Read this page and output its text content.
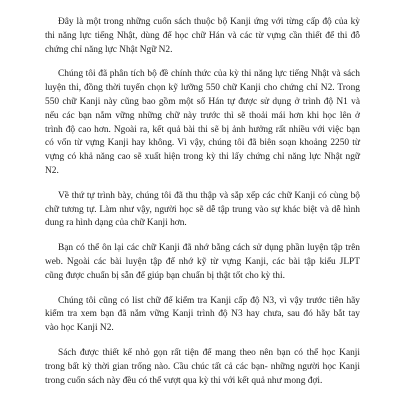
Đây là một trong những cuốn sách thuộc bộ Kanji ứng với từng cấp độ của kỳ
thi năng lực tiếng Nhật, dùng để học chữ Hán và các từ vựng cần thiết để thi đỗ
chứng chỉ năng lực Nhật Ngữ N2.
Chúng tôi đã phân tích bộ đề chính thức của kỳ thi năng lực tiếng Nhật và sách
luyện thi, đồng thời tuyển chọn kỹ lưỡng 550 chữ Kanji cho chứng chỉ N2. Trong
550 chữ Kanji này cũng bao gồm một số Hán tự được sử dụng ở trình độ N1 và
nếu các bạn nắm vững những chữ này trước thì sẽ thoải mái hơn khi học lên ở
trình độ cao hơn. Ngoài ra, kết quả bài thi sẽ bị ảnh hưởng rất nhiều với việc bạn
có vốn từ vựng Kanji hay không. Vì vậy, chúng tôi đã biên soạn khoảng 2250 từ
vựng có khả năng cao sẽ xuất hiện trong kỳ thi lấy chứng chỉ năng lực Nhật ngữ
N2.
Về thứ tự trình bày, chúng tôi đã thu thập và sắp xếp các chữ Kanji có cùng bộ
chữ tương tự. Làm như vậy, người học sẽ dễ tập trung vào sự khác biệt và dễ hình
dung ra hình dạng của chữ Kanji hơn.
Bạn có thể ôn lại các chữ Kanji đã nhớ bằng cách sử dụng phần luyện tập trên
web. Ngoài các bài luyện tập để nhớ kỹ từ vựng Kanji, các bài tập kiểu JLPT
cũng được chuẩn bị sẵn để giúp bạn chuẩn bị thật tốt cho kỳ thi.
Chúng tôi cũng có list chữ để kiểm tra Kanji cấp độ N3, vì vậy trước tiên hãy
kiểm tra xem bạn đã nắm vững Kanji trình độ N3 hay chưa, sau đó hãy bắt tay
vào học Kanji N2.
Sách được thiết kế nhỏ gọn rất tiện để mang theo nên bạn có thể học Kanji
trong bất kỳ thời gian trống nào. Cầu chúc tất cả các bạn- những người học Kanji
trong cuốn sách này đều có thể vượt qua kỳ thi với kết quả như mong đợi.
